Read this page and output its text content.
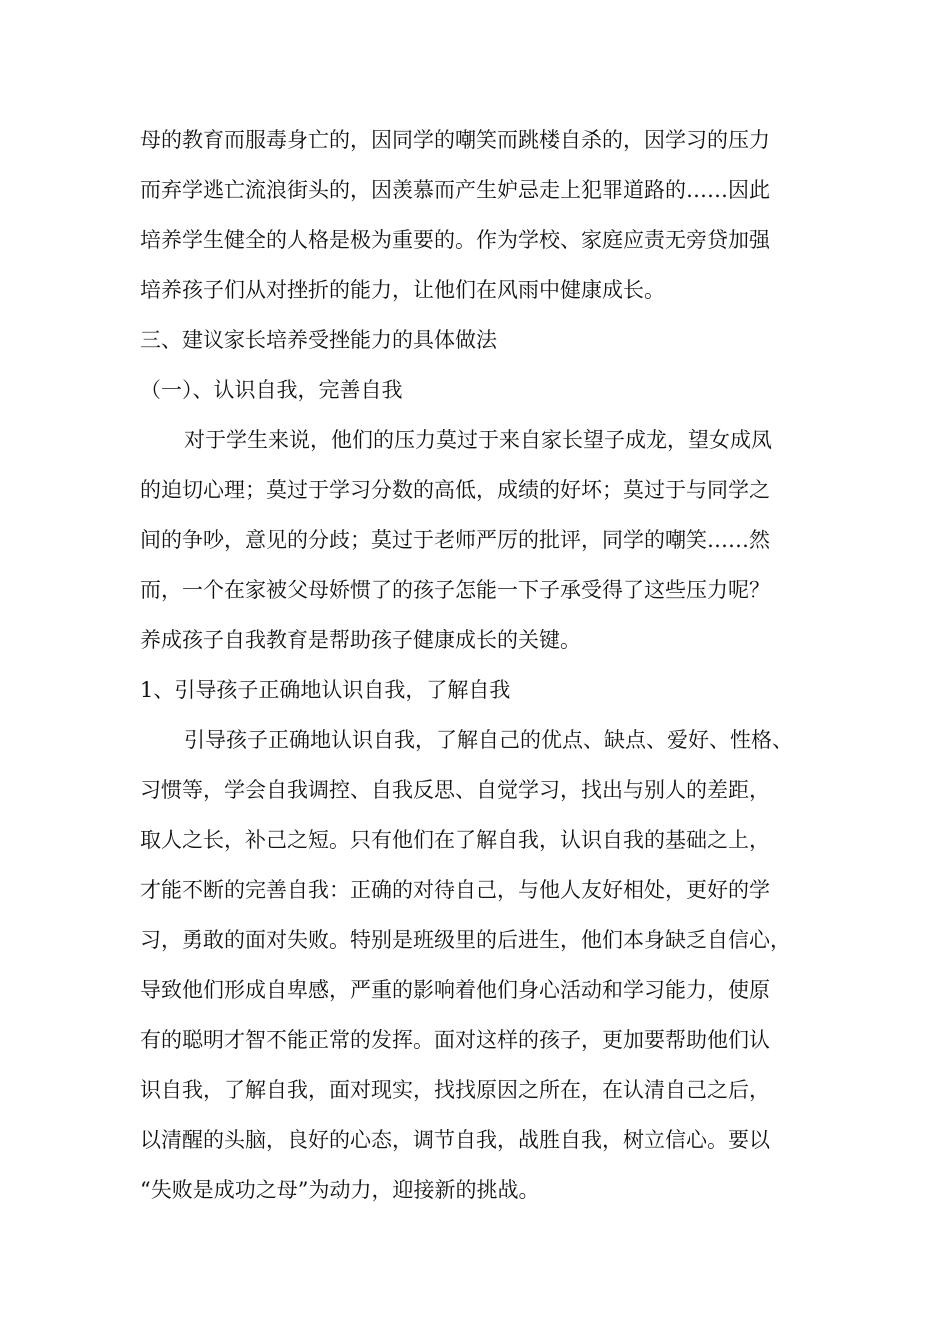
母的教育而服毒身亡的，因同学的嘲笑而跳楼自杀的，因学习的压力
而弃学逃亡流浪街头的，因羡慕而产生妒忌走上犯罪道路的……因此
培养学生健全的人格是极为重要的。作为学校、家庭应责无旁贷加强
培养孩子们从对挫折的能力，让他们在风雨中健康成长。
三、建议家长培养受挫能力的具体做法
（一）、认识自我，完善自我
对于学生来说，他们的压力莫过于来自家长望子成龙，望女成凤
的迫切心理；莫过于学习分数的高低，成绩的好坏；莫过于与同学之
间的争吵，意见的分歧；莫过于老师严厉的批评，同学的嘲笑……然
而，一个在家被父母娇惯了的孩子怎能一下子承受得了这些压力呢？
养成孩子自我教育是帮助孩子健康成长的关键。
1、引导孩子正确地认识自我，了解自我
引导孩子正确地认识自我，了解自己的优点、缺点、爱好、性格、
习惯等，学会自我调控、自我反思、自觉学习，找出与别人的差距，
取人之长，补己之短。只有他们在了解自我，认识自我的基础之上，
才能不断的完善自我：正确的对待自己，与他人友好相处，更好的学
习，勇敢的面对失败。特别是班级里的后进生，他们本身缺乏自信心，
导致他们形成自卑感，严重的影响着他们身心活动和学习能力，使原
有的聪明才智不能正常的发挥。面对这样的孩子，更加要帮助他们认
识自我，了解自我，面对现实，找找原因之所在，在认清自己之后，
以清醒的头脑，良好的心态，调节自我，战胜自我，树立信心。要以
“失败是成功之母”为动力，迎接新的挑战。
